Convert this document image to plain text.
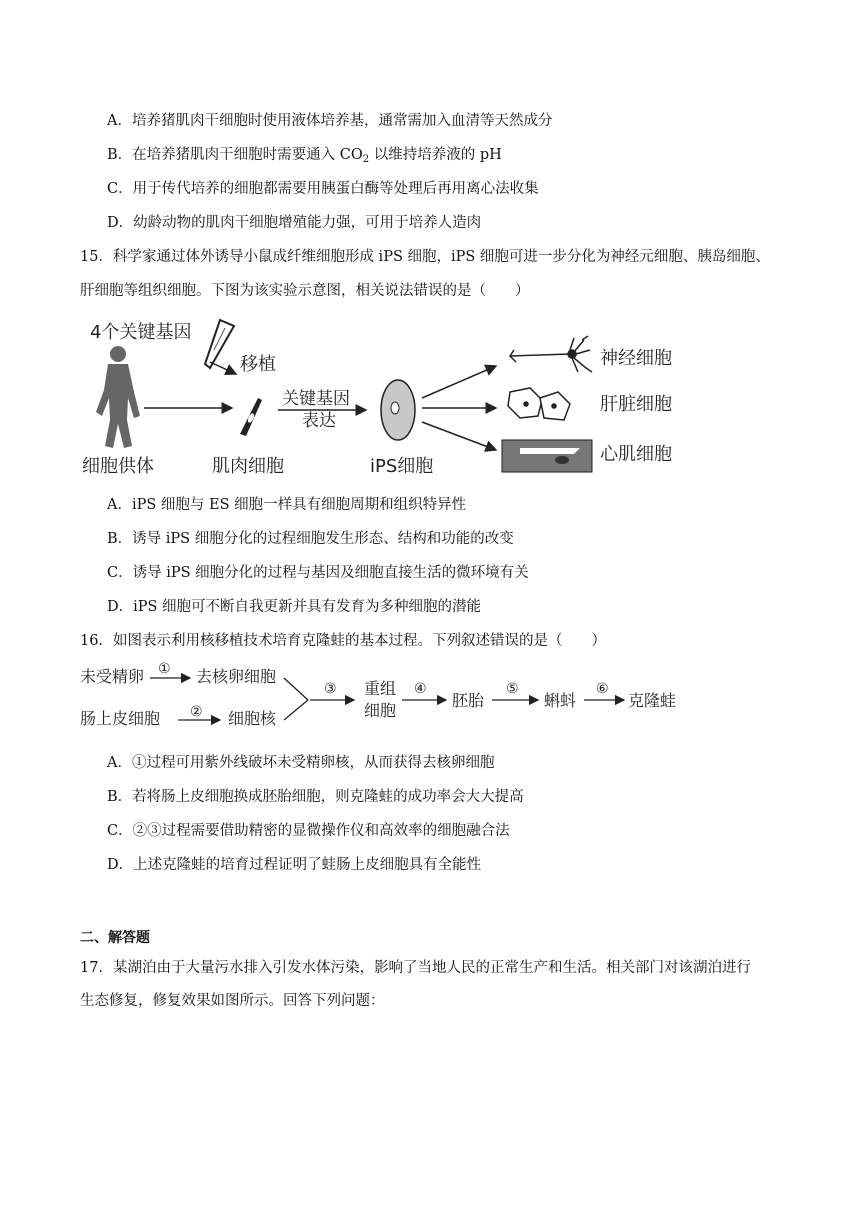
A．培养猪肌肉干细胞时使用液体培养基，通常需加入血清等天然成分
B．在培养猪肌肉干细胞时需要通入 $CO_2$ 以维持培养液的 pH
C．用于传代培养的细胞都需要用胰蛋白酶等处理后再用离心法收集
D．幼龄动物的肌肉干细胞增殖能力强，可用于培养人造肉
15．科学家通过体外诱导小鼠成纤维细胞形成 iPS 细胞，iPS 细胞可进一步分化为神经元细胞、胰岛细胞、
肝细胞等组织细胞。下图为该实验示意图，相关说法错误的是（　　）
4个关键基因
移植
关键基因
表达
神经细胞
肝脏细胞
心肌细胞
细胞供体	肌肉细胞	iPS细胞
A．iPS 细胞与 ES 细胞一样具有细胞周期和组织特异性
B．诱导 iPS 细胞分化的过程细胞发生形态、结构和功能的改变
C．诱导 iPS 细胞分化的过程与基因及细胞直接生活的微环境有关
D．iPS 细胞可不断自我更新并具有发育为多种细胞的潜能
16．如图表示利用核移植技术培育克隆蛙的基本过程。下列叙述错误的是（　　）
未受精卵 ① 去核卵细胞
肠上皮细胞 ② 细胞核
③ 重组
细胞
④
胚胎
⑤
蝌蚪
⑥
克隆蛙
A．①过程可用紫外线破坏未受精卵核，从而获得去核卵细胞
B．若将肠上皮细胞换成胚胎细胞，则克隆蛙的成功率会大大提高
C．②③过程需要借助精密的显微操作仪和高效率的细胞融合法
D．上述克隆蛙的培育过程证明了蛙肠上皮细胞具有全能性
二、解答题
17．某湖泊由于大量污水排入引发水体污染，影响了当地人民的正常生产和生活。相关部门对该湖泊进行
生态修复，修复效果如图所示。回答下列问题：
